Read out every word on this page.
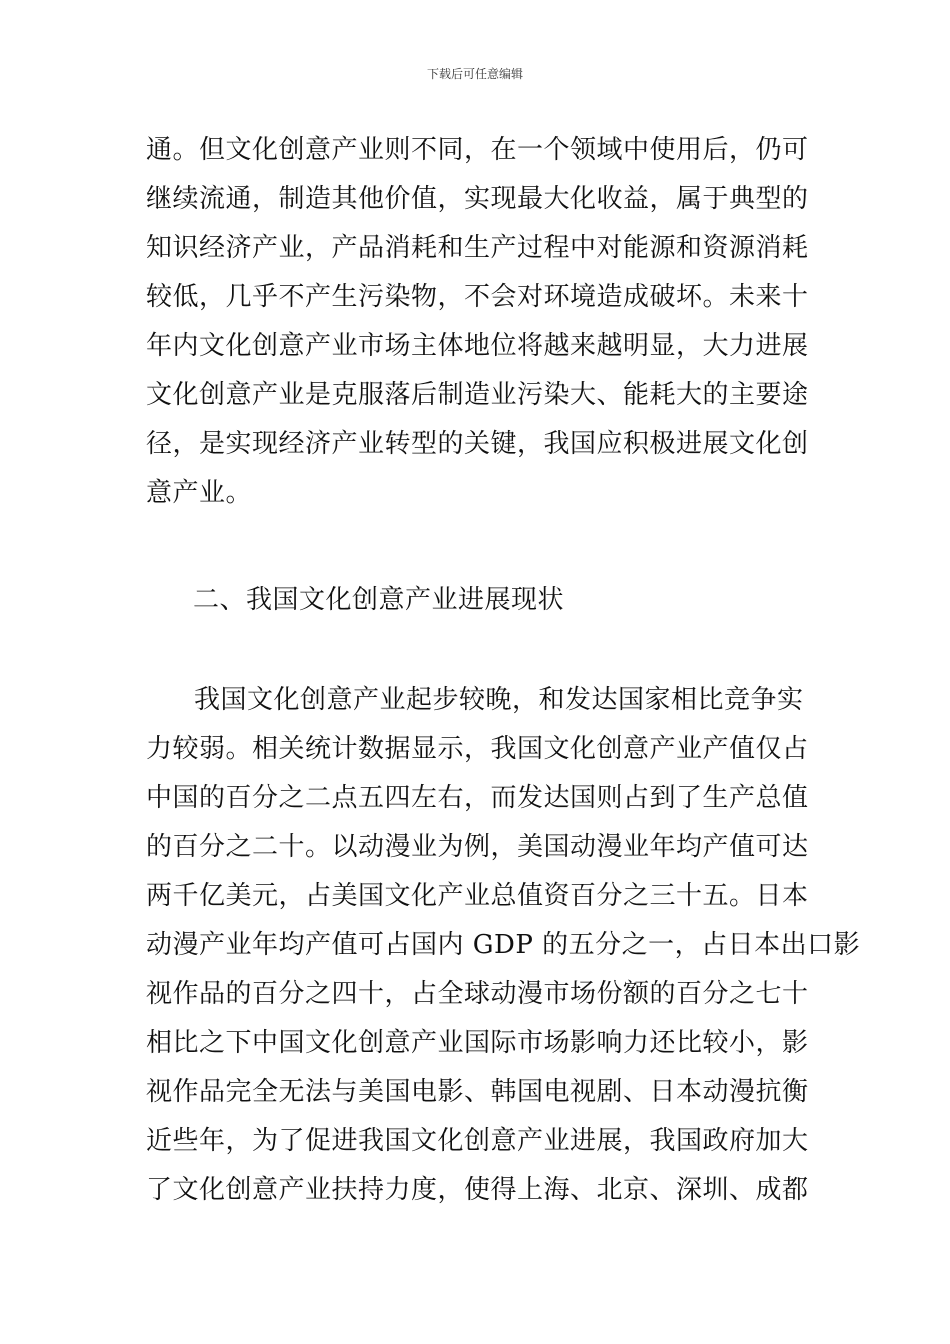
下载后可任意编辑
通。但文化创意产业则不同，在一个领域中使用后，仍可
继续流通，制造其他价值，实现最大化收益，属于典型的
知识经济产业，产品消耗和生产过程中对能源和资源消耗
较低，几乎不产生污染物，不会对环境造成破坏。未来十
年内文化创意产业市场主体地位将越来越明显，大力进展
文化创意产业是克服落后制造业污染大、能耗大的主要途
径，是实现经济产业转型的关键，我国应积极进展文化创
意产业。
二、我国文化创意产业进展现状
我国文化创意产业起步较晚，和发达国家相比竞争实
力较弱。相关统计数据显示，我国文化创意产业产值仅占
中国的百分之二点五四左右，而发达国则占到了生产总值
的百分之二十。以动漫业为例，美国动漫业年均产值可达
两千亿美元，占美国文化产业总值资百分之三十五。日本
动漫产业年均产值可占国内 GDP 的五分之一，占日本出口影
视作品的百分之四十，占全球动漫市场份额的百分之七十
相比之下中国文化创意产业国际市场影响力还比较小，影
视作品完全无法与美国电影、韩国电视剧、日本动漫抗衡
近些年，为了促进我国文化创意产业进展，我国政府加大
了文化创意产业扶持力度，使得上海、北京、深圳、成都
